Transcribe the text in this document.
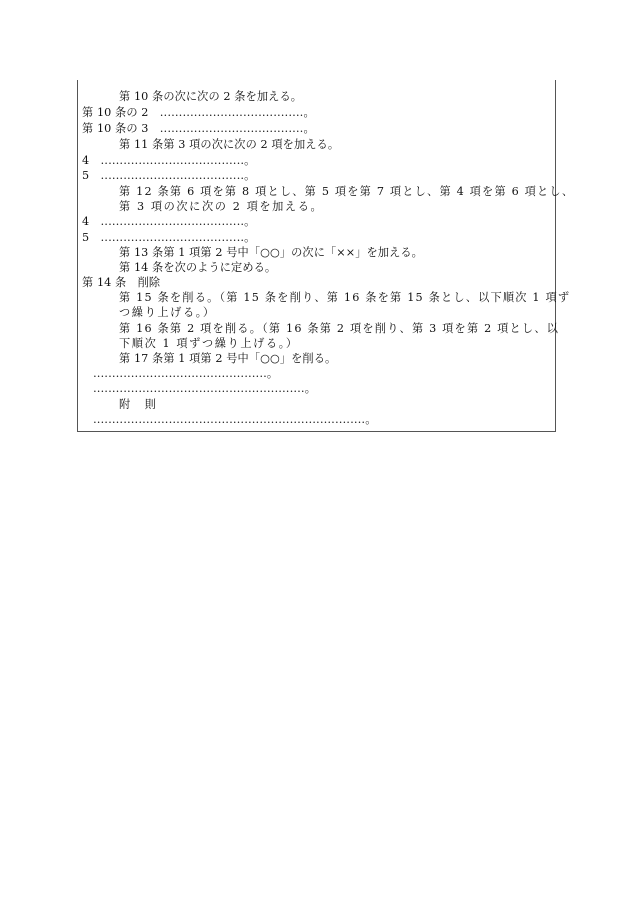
第 10 条の次に次の 2 条を加える。
第 10 条の 2　‥‥‥‥‥‥‥‥‥‥‥‥‥‥‥‥‥‥‥。
第 10 条の 3　‥‥‥‥‥‥‥‥‥‥‥‥‥‥‥‥‥‥‥。
第 11 条第 3 項の次に次の 2 項を加える。
4　‥‥‥‥‥‥‥‥‥‥‥‥‥‥‥‥‥‥‥。
5　‥‥‥‥‥‥‥‥‥‥‥‥‥‥‥‥‥‥‥。
第 12 条第 6 項を第 8 項とし、第 5 項を第 7 項とし、第 4 項を第 6 項とし、
第 3 項の次に次の 2 項を加える。
4　‥‥‥‥‥‥‥‥‥‥‥‥‥‥‥‥‥‥‥。
5　‥‥‥‥‥‥‥‥‥‥‥‥‥‥‥‥‥‥‥。
第 13 条第 1 項第 2 号中「○○」の次に「××」を加える。
第 14 条を次のように定める。
第 14 条　削除
第 15 条を削る。（第 15 条を削り、第 16 条を第 15 条とし、以下順次 1 項ず
つ繰り上げる。）
第 16 条第 2 項を削る。（第 16 条第 2 項を削り、第 3 項を第 2 項とし、以
下順次 1 項ずつ繰り上げる。）
第 17 条第 1 項第 2 号中「○○」を削る。
‥‥‥‥‥‥‥‥‥‥‥‥‥‥‥‥‥‥‥‥‥‥‥。
‥‥‥‥‥‥‥‥‥‥‥‥‥‥‥‥‥‥‥‥‥‥‥‥‥‥‥‥。
附　則
‥‥‥‥‥‥‥‥‥‥‥‥‥‥‥‥‥‥‥‥‥‥‥‥‥‥‥‥‥‥‥‥‥‥‥‥。
